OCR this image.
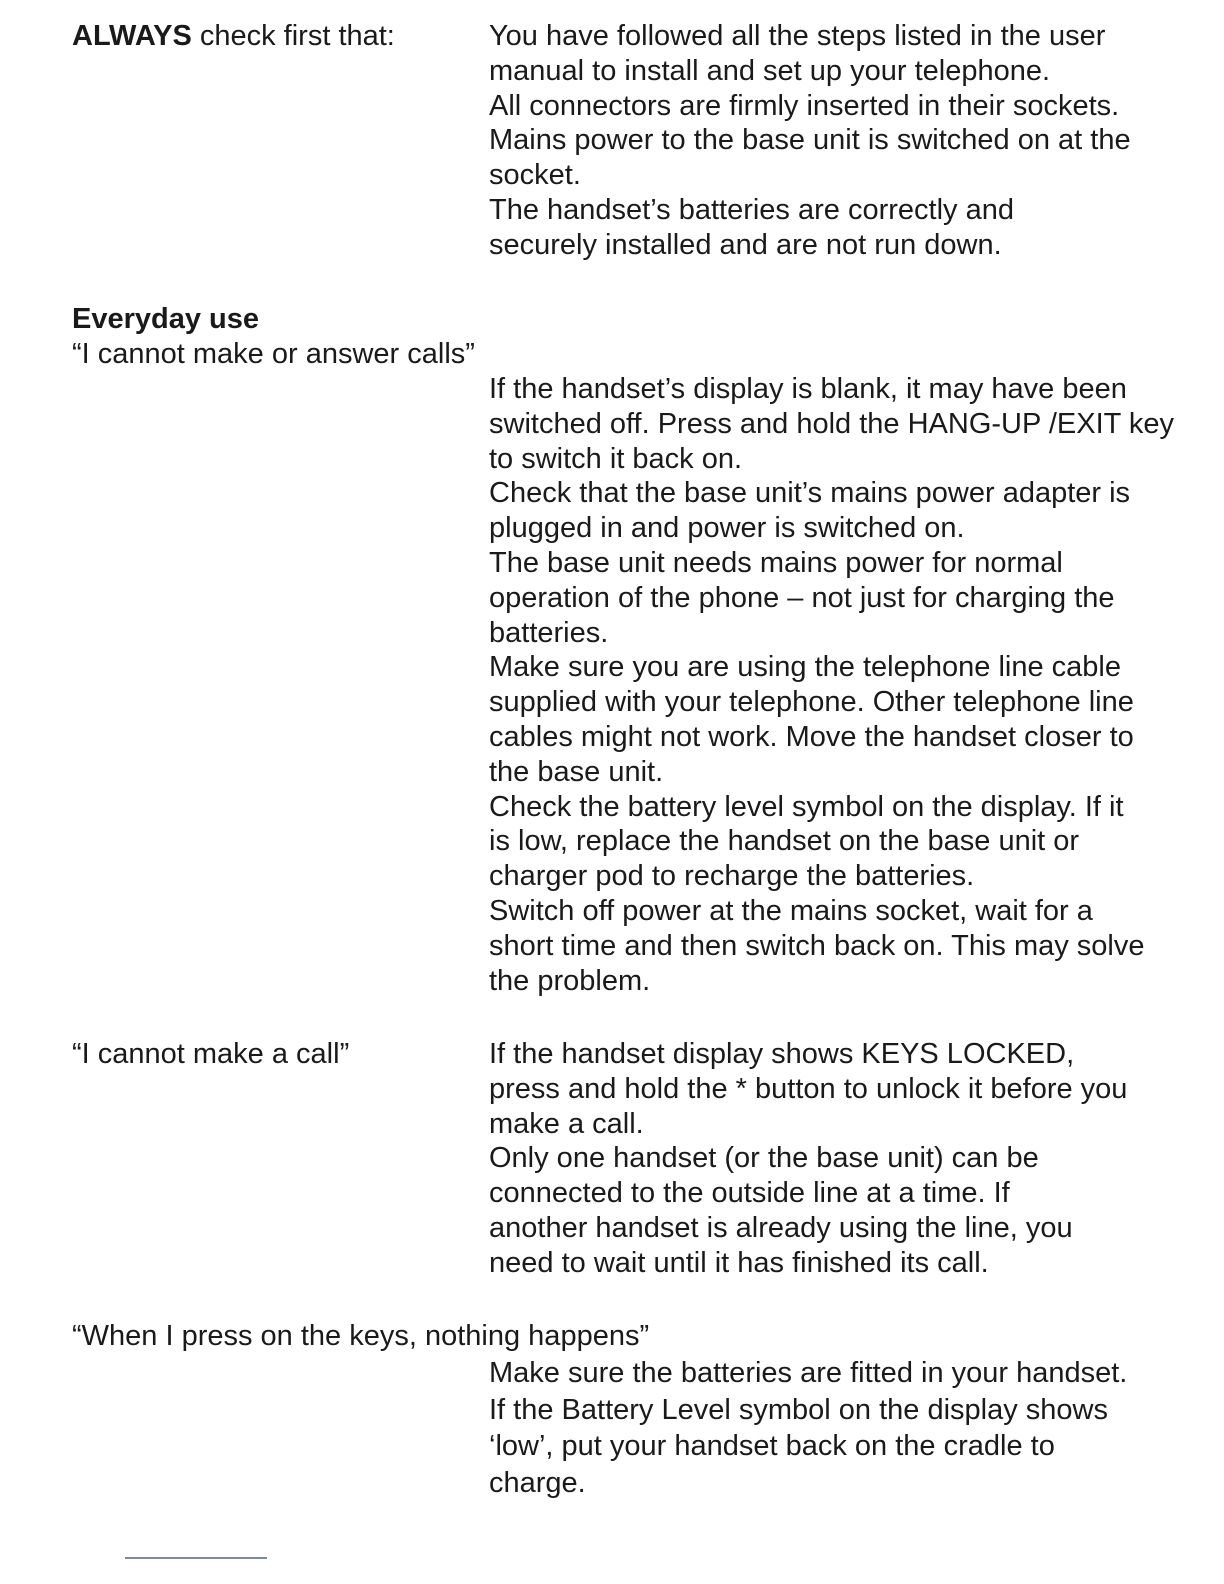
ALWAYS check first that:	You have followed all the steps listed in the user manual to install and set up your telephone.

All connectors are firmly inserted in their sockets.

Mains power to the base unit is switched on at the socket.

The handset’s batteries are correctly and securely installed and are not run down.

Everyday use
“I cannot make or answer calls”

If the handset’s display is blank, it may have been switched off. Press and hold the HANG-UP /EXIT key to switch it back on.

Check that the base unit’s mains power adapter is plugged in and power is switched on.

The base unit needs mains power for normal operation of the phone – not just for charging the batteries.

Make sure you are using the telephone line cable supplied with your telephone. Other telephone line cables might not work. Move the handset closer to the base unit.

Check the battery level symbol on the display. If it is low, replace the handset on the base unit or charger pod to recharge the batteries.

Switch off power at the mains socket, wait for a short time and then switch back on. This may solve the problem.

“I cannot make a call”	If the handset display shows KEYS LOCKED, press and hold the * button to unlock it before you make a call.

Only one handset (or the base unit) can be connected to the outside line at a time. If another handset is already using the line, you need to wait until it has finished its call.

“When I press on the keys, nothing happens”

Make sure the batteries are fitted in your handset. If the Battery Level symbol on the display shows ‘low’, put your handset back on the cradle to charge.
